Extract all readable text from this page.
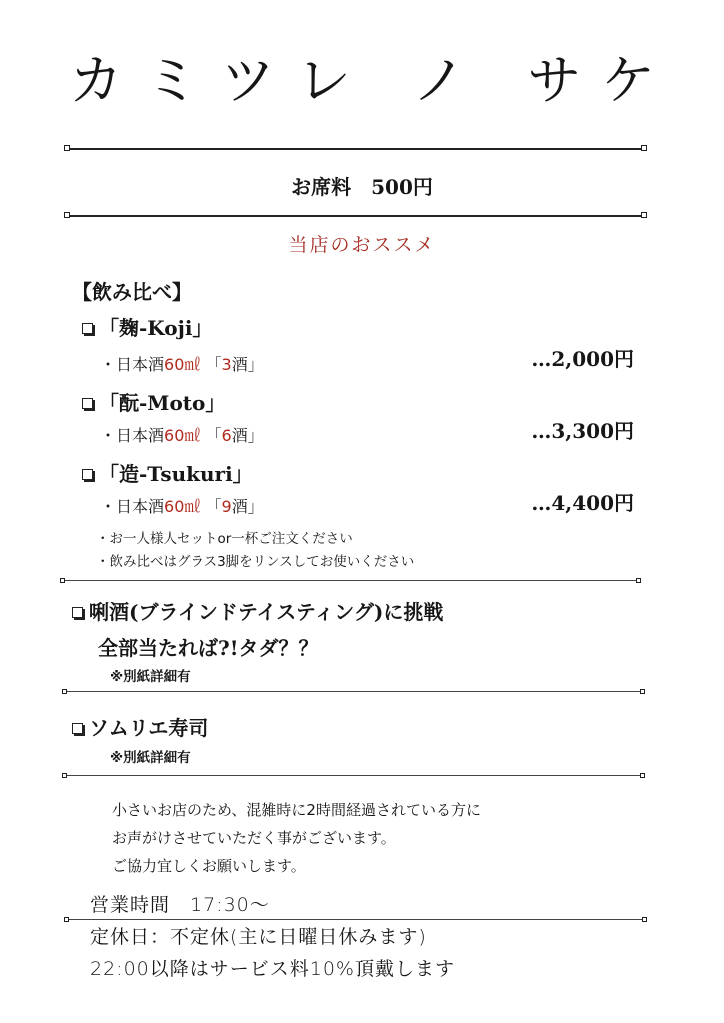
カミツレ ノ サケ
お席料　500円
当店のおススメ
【飲み比べ】
「麹-Koji」
・日本酒60㎖ 「3酒」	…2,000円
「酛-Moto」
・日本酒60㎖ 「6酒」	…3,300円
「造-Tsukuri」
・日本酒60㎖ 「9酒」	…4,400円
・お一人様人セットor一杯ご注文ください
・飲み比べはグラス3脚をリンスしてお使いください
唎酒(ブラインドテイスティング)に挑戦
全部当たれば?!タダ？？
※別紙詳細有
ソムリエ寿司
※別紙詳細有
小さいお店のため、混雑時に2時間経過されている方に
お声がけさせていただく事がございます。
ご協力宜しくお願いします。
営業時間　17:30～
定休日：不定休(主に日曜日休みます)
22:00以降はサービス料10%頂戴します
